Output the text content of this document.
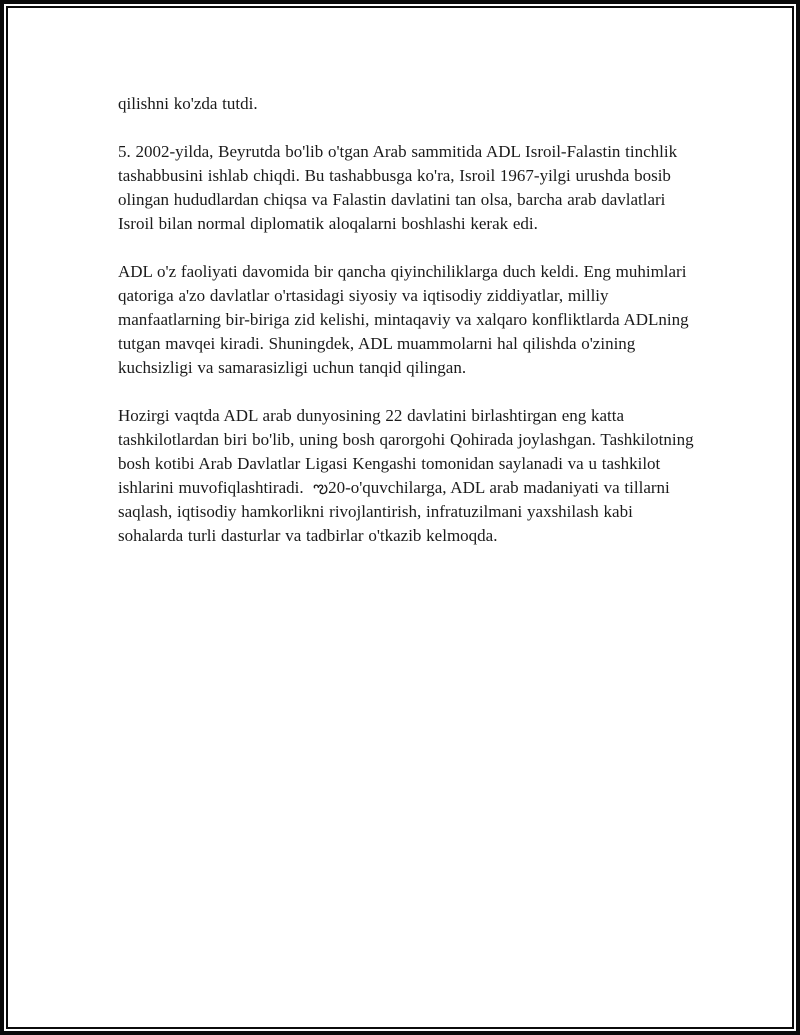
qilishni ko'zda tutdi.

5. 2002-yilda, Beyrutda bo'lib o'tgan Arab sammitida ADL Isroil-Falastin tinchlik tashabbusini ishlab chiqdi. Bu tashabbusga ko'ra, Isroil 1967-yilgi urushda bosib olingan hududlardan chiqsa va Falastin davlatini tan olsa, barcha arab davlatlari Isroil bilan normal diplomatik aloqalarni boshlashi kerak edi.

ADL o'z faoliyati davomida bir qancha qiyinchiliklarga duch keldi. Eng muhimlari qatoriga a'zo davlatlar o'rtasidagi siyosiy va iqtisodiy ziddiyatlar, milliy manfaatlarning bir-biriga zid kelishi, mintaqaviy va xalqaro konfliktlarda ADLning tutgan mavqei kiradi. Shuningdek, ADL muammolarni hal qilishda o'zining kuchsizligi va samarasizligi uchun tanqid qilingan.

Hozirgi vaqtda ADL arab dunyosining 22 davlatini birlashtirgan eng katta tashkilotlardan biri bo'lib, uning bosh qarorgohi Qohirada joylashgan. Tashkilotning bosh kotibi Arab Davlatlar Ligasi Kengashi tomonidan saylanadi va u tashkilot ishlarini muvofiqlashtiradi.  ఌ20-o'quvchilarga, ADL arab madaniyati va tillarni saqlash, iqtisodiy hamkorlikni rivojlantirish, infratuzilmani yaxshilash kabi sohalarda turli dasturlar va tadbirlar o'tkazib kelmoqda.
